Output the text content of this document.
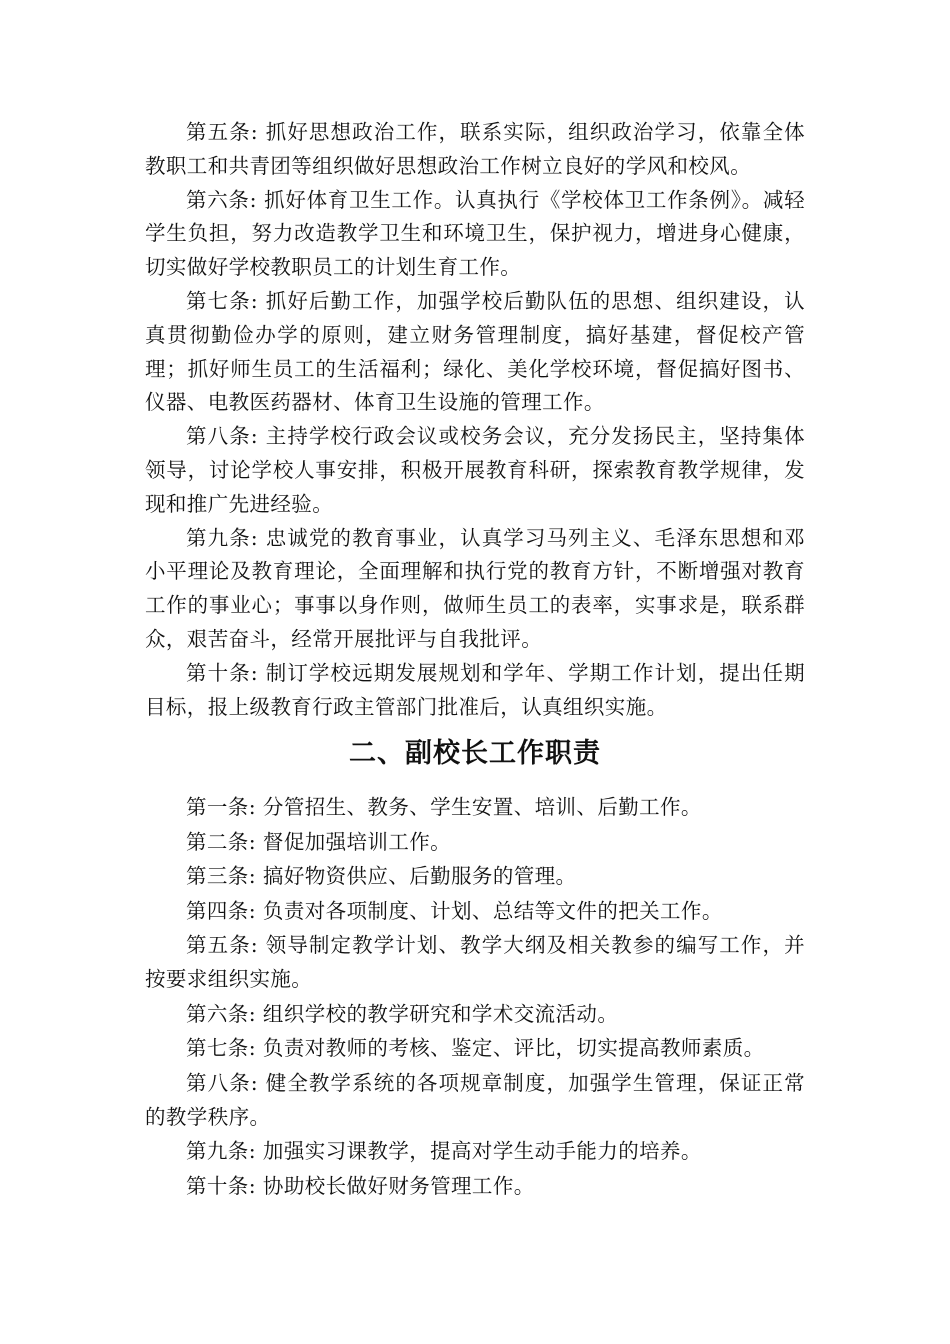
第五条: 抓好思想政治工作，联系实际，组织政治学习，依靠全体教职工和共青团等组织做好思想政治工作树立良好的学风和校风。

第六条: 抓好体育卫生工作。认真执行《学校体卫工作条例》。减轻学生负担，努力改造教学卫生和环境卫生，保护视力，增进身心健康，切实做好学校教职员工的计划生育工作。

第七条: 抓好后勤工作，加强学校后勤队伍的思想、组织建设，认真贯彻勤俭办学的原则，建立财务管理制度，搞好基建，督促校产管理；抓好师生员工的生活福利；绿化、美化学校环境，督促搞好图书、仪器、电教医药器材、体育卫生设施的管理工作。

第八条: 主持学校行政会议或校务会议，充分发扬民主，坚持集体领导，讨论学校人事安排，积极开展教育科研，探索教育教学规律，发现和推广先进经验。

第九条: 忠诚党的教育事业，认真学习马列主义、毛泽东思想和邓小平理论及教育理论，全面理解和执行党的教育方针，不断增强对教育工作的事业心；事事以身作则，做师生员工的表率，实事求是，联系群众，艰苦奋斗，经常开展批评与自我批评。

第十条: 制订学校远期发展规划和学年、学期工作计划，提出任期目标，报上级教育行政主管部门批准后，认真组织实施。

二、副校长工作职责

第一条: 分管招生、教务、学生安置、培训、后勤工作。

第二条: 督促加强培训工作。

第三条: 搞好物资供应、后勤服务的管理。

第四条: 负责对各项制度、计划、总结等文件的把关工作。

第五条: 领导制定教学计划、教学大纲及相关教参的编写工作，并按要求组织实施。

第六条: 组织学校的教学研究和学术交流活动。

第七条: 负责对教师的考核、鉴定、评比，切实提高教师素质。

第八条: 健全教学系统的各项规章制度，加强学生管理，保证正常的教学秩序。

第九条: 加强实习课教学，提高对学生动手能力的培养。

第十条: 协助校长做好财务管理工作。
